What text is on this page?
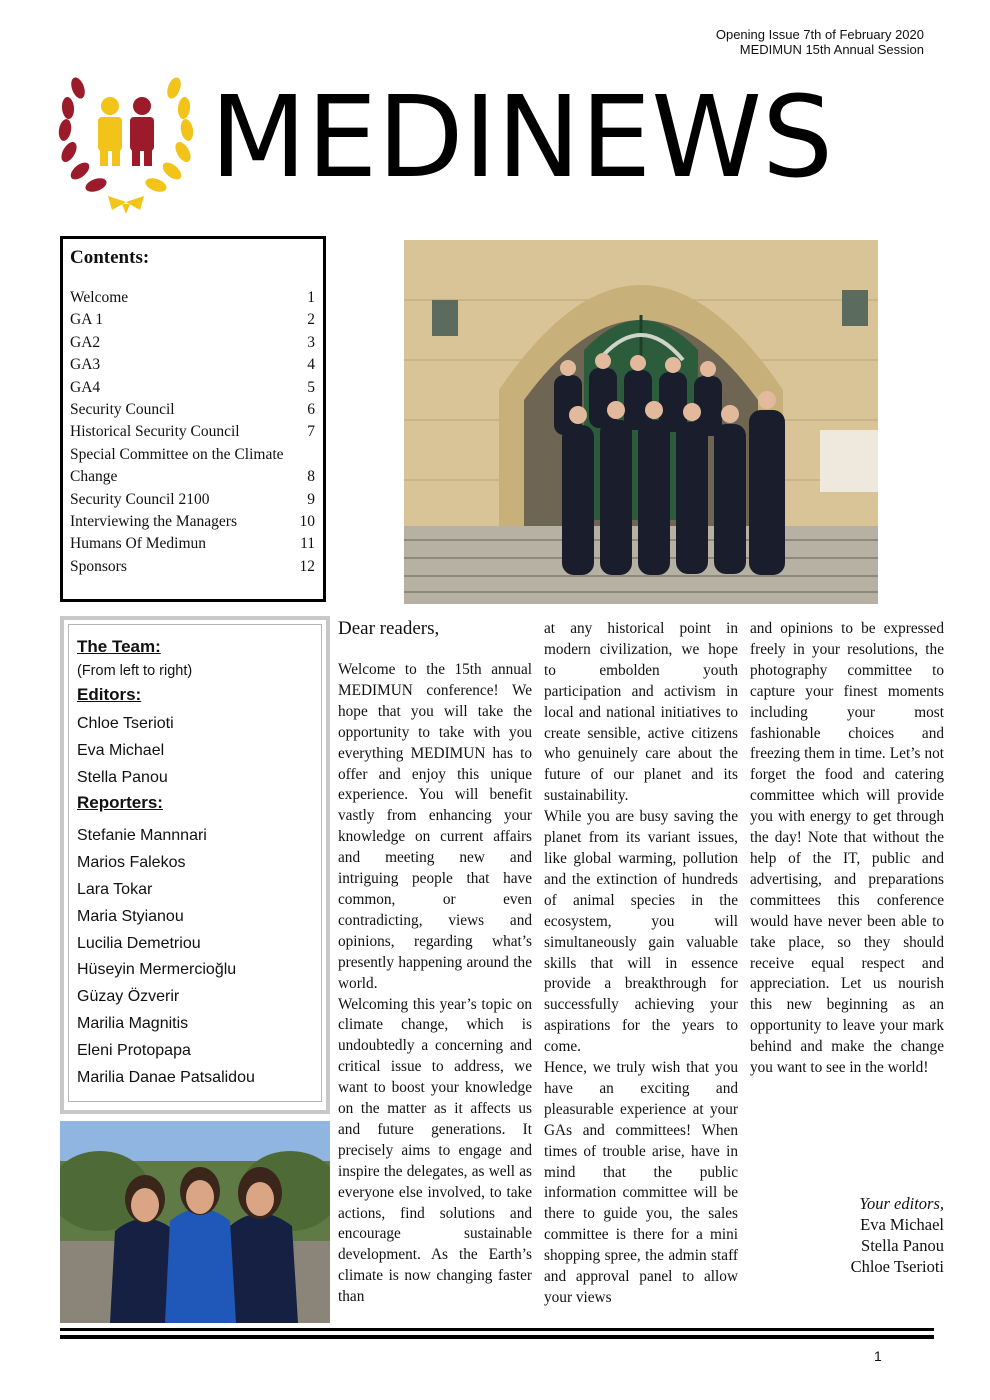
Opening Issue 7th of February 2020
MEDIMUN 15th Annual Session
MEDINEWS
Contents:
Welcome	1
GA 1	2
GA2	3
GA3	4
GA4	5
Security Council	6
Historical Security Council	7
Special Committee on the Climate
Change	8
Security Council 2100	9
Interviewing the Managers	10
Humans Of Medimun	11
Sponsors	12
The Team:
(From left to right)
Editors:
Chloe Tserioti
Eva Michael
Stella Panou
Reporters:
Stefanie Mannnari
Marios Falekos
Lara Tokar
Maria Styianou
Lucilia Demetriou
Hüseyin Mermercioğlu
Güzay Özverir
Marilia Magnitis
Eleni Protopapa
Marilia Danae Patsalidou
Dear readers,

Welcome to the 15th annual MEDIMUN conference! We hope that you will take the opportunity to take with you everything MEDIMUN has to offer and enjoy this unique experience. You will benefit vastly from enhancing your knowledge on current affairs and meeting new and intriguing people that have common, or even contradicting, views and opinions, regarding what’s presently happening around the world.

Welcoming this year’s topic on climate change, which is undoubtedly a concerning and critical issue to address, we want to boost your knowledge on the matter as it affects us and future generations. It precisely aims to engage and inspire the delegates, as well as everyone else involved, to take actions, find solutions and encourage sustainable development. As the Earth’s climate is now changing faster than

at any historical point in modern civilization, we hope to embolden youth participation and activism in local and national initiatives to create sensible, active citizens who genuinely care about the future of our planet and its sustainability.

While you are busy saving the planet from its variant issues, like global warming, pollution and the extinction of hundreds of animal species in the ecosystem, you will simultaneously gain valuable skills that will in essence provide a breakthrough for successfully achieving your aspirations for the years to come.

Hence, we truly wish that you have an exciting and pleasurable experience at your GAs and committees! When times of trouble arise, have in mind that the public information committee will be there to guide you, the sales committee is there for a mini shopping spree, the admin staff and approval panel to allow your views

and opinions to be expressed freely in your resolutions, the photography committee to capture your finest moments including your most fashionable choices and freezing them in time. Let’s not forget the food and catering committee which will provide you with energy to get through the day! Note that without the help of the IT, public and advertising, and preparations committees this conference would have never been able to take place, so they should receive equal respect and appreciation. Let us nourish this new beginning as an opportunity to leave your mark behind and make the change you want to see in the world!

Your editors,
Eva Michael
Stella Panou
Chloe Tserioti
1
